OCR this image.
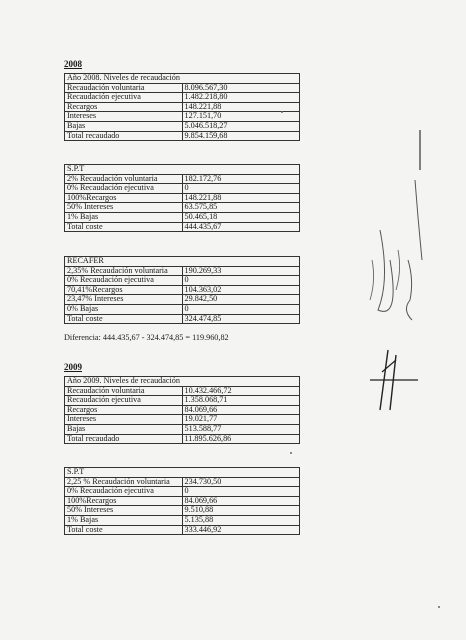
2008
Año 2008. Niveles de recaudación	
Recaudación voluntaria	8.096.567,30
Recaudación ejecutiva	1.482.218,80
Recargos	148.221,88
Intereses	127.151,70
Bajas	5.046.518,27
Total recaudado	9.854.159,68
S.P.T	
2% Recaudación voluntaria	182.172,76
0% Recaudación ejecutiva	0
100%Recargos	148.221,88
50% Intereses	63.575,85
1% Bajas	50.465,18
Total coste	444.435,67
RECAFER	
2,35% Recaudación voluntaria	190.269,33
0% Recaudación ejecutiva	0
70,41%Recargos	104.363,02
23,47% Intereses	29.842,50
0% Bajas	0
Total coste	324.474,85
Diferencia: 444.435,67 - 324.474,85 = 119.960,82
2009
Año 2009. Niveles de recaudación	
Recaudación voluntaria	10.432.466,72
Recaudación ejecutiva	1.358.068,71
Recargos	84.069,66
Intereses	19.021,77
Bajas	513.588,77
Total recaudado	11.895.626,86
S.P.T	
2,25 % Recaudación voluntaria	234.730,50
0% Recaudación ejecutiva	0
100%Recargos	84.069,66
50% Intereses	9.510,88
1% Bajas	5.135,88
Total coste	333.446,92
